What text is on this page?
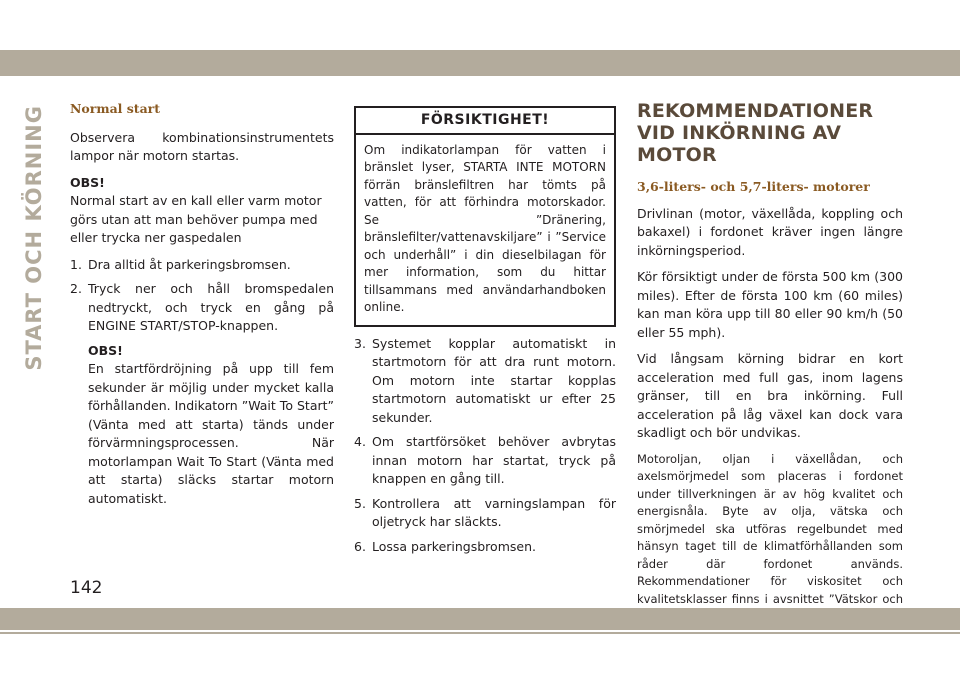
START OCH KÖRNING Normal start

Observera kombinationsinstrumentets lampor när motorn startas.

OBS!

Normal start av en kall eller varm motor görs utan att man behöver pumpa med eller trycka ner gaspedalen

1. Dra alltid åt parkeringsbromsen.
2. Tryck ner och håll bromspedalen nedtryckt, och tryck en gång på ENGINE START/STOP-knappen.
OBS!

En startfördröjning på upp till fem sekunder är möjlig under mycket kalla förhållanden. Indikatorn ”Wait To Start” (Vänta med att starta) tänds under förvärmningsprocessen. När motorlampan Wait To Start (Vänta med att starta) släcks startar motorn automatiskt.

FÖRSIKTIGHET!
Om indikatorlampan för vatten i bränslet lyser, STARTA INTE MOTORN förrän bränslefiltren har tömts på vatten, för att förhindra motorskador. Se ”Dränering, bränslefilter/vattenavskiljare” i ”Service och underhåll” i din dieselbilagan för mer information, som du hittar tillsammans med användarhandboken online.
3. Systemet kopplar automatiskt in startmotorn för att dra runt motorn. Om motorn inte startar kopplas startmotorn automatiskt ur efter 25 sekunder.
4. Om startförsöket behöver avbrytas innan motorn har startat, tryck på knappen en gång till.
5. Kontrollera att varningslampan för oljetryck har släckts.
6. Lossa parkeringsbromsen.
REKOMMENDATIONER VID INKÖRNING AV MOTOR
3,6-liters- och 5,7-liters- motorer

Drivlinan (motor, växellåda, koppling och bakaxel) i fordonet kräver ingen längre inkörningsperiod.

Kör försiktigt under de första 500 km (300 miles). Efter de första 100 km (60 miles) kan man köra upp till 80 eller 90 km/h (50 eller 55 mph).

Vid långsam körning bidrar en kort acceleration med full gas, inom lagens gränser, till en bra inkörning. Full acceleration på låg växel kan dock vara skadligt och bör undvikas.

Motoroljan, oljan i växellådan, och axelsmörjmedel som placeras i fordonet under tillverkningen är av hög kvalitet och energisnåla. Byte av olja, vätska och smörjmedel ska utföras regelbundet med hänsyn taget till de klimatförhållanden som råder där fordonet används. Rekommendationer för viskositet och kvalitetsklasser finns i avsnittet ”Vätskor och

142
